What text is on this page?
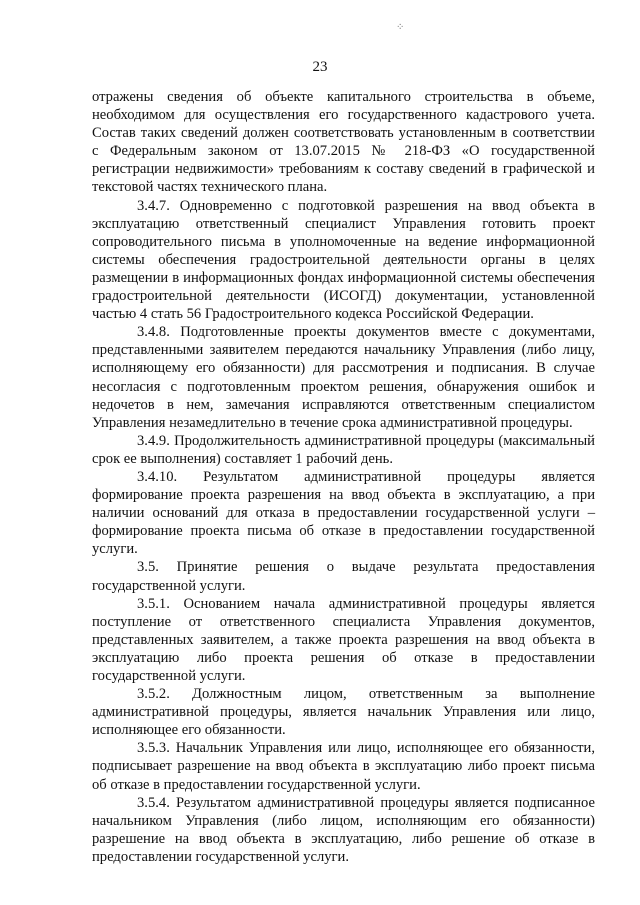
⁘
23

отражены сведения об объекте капитального строительства в объеме, необходимом для осуществления его государственного кадастрового учета. Состав таких сведений должен соответствовать установленным в соответствии с Федеральным законом от 13.07.2015 № 218-ФЗ «О государственной регистрации недвижимости» требованиям к составу сведений в графической и текстовой частях технического плана.

3.4.7. Одновременно с подготовкой разрешения на ввод объекта в эксплуатацию ответственный специалист Управления готовить проект сопроводительного письма в уполномоченные на ведение информационной системы обеспечения градостроительной деятельности органы в целях размещении в информационных фондах информационной системы обеспечения градостроительной деятельности (ИСОГД) документации, установленной частью 4 стать 56 Градостроительного кодекса Российской Федерации.

3.4.8. Подготовленные проекты документов вместе с документами, представленными заявителем передаются начальнику Управления (либо лицу, исполняющему его обязанности) для рассмотрения и подписания. В случае несогласия с подготовленным проектом решения, обнаружения ошибок и недочетов в нем, замечания исправляются ответственным специалистом Управления незамедлительно в течение срока административной процедуры.

3.4.9. Продолжительность административной процедуры (максимальный срок ее выполнения) составляет 1 рабочий день.

3.4.10. Результатом административной процедуры является формирование проекта разрешения на ввод объекта в эксплуатацию, а при наличии оснований для отказа в предоставлении государственной услуги – формирование проекта письма об отказе в предоставлении государственной услуги.

3.5. Принятие решения о выдаче результата предоставления государственной услуги.

3.5.1. Основанием начала административной процедуры является поступление от ответственного специалиста Управления документов, представленных заявителем, а также проекта разрешения на ввод объекта в эксплуатацию либо проекта решения об отказе в предоставлении государственной услуги.

3.5.2. Должностным лицом, ответственным за выполнение административной процедуры, является начальник Управления или лицо, исполняющее его обязанности.

3.5.3. Начальник Управления или лицо, исполняющее его обязанности, подписывает разрешение на ввод объекта в эксплуатацию либо проект письма об отказе в предоставлении государственной услуги.

3.5.4. Результатом административной процедуры является подписанное начальником Управления (либо лицом, исполняющим его обязанности) разрешение на ввод объекта в эксплуатацию, либо решение об отказе в предоставлении государственной услуги.
